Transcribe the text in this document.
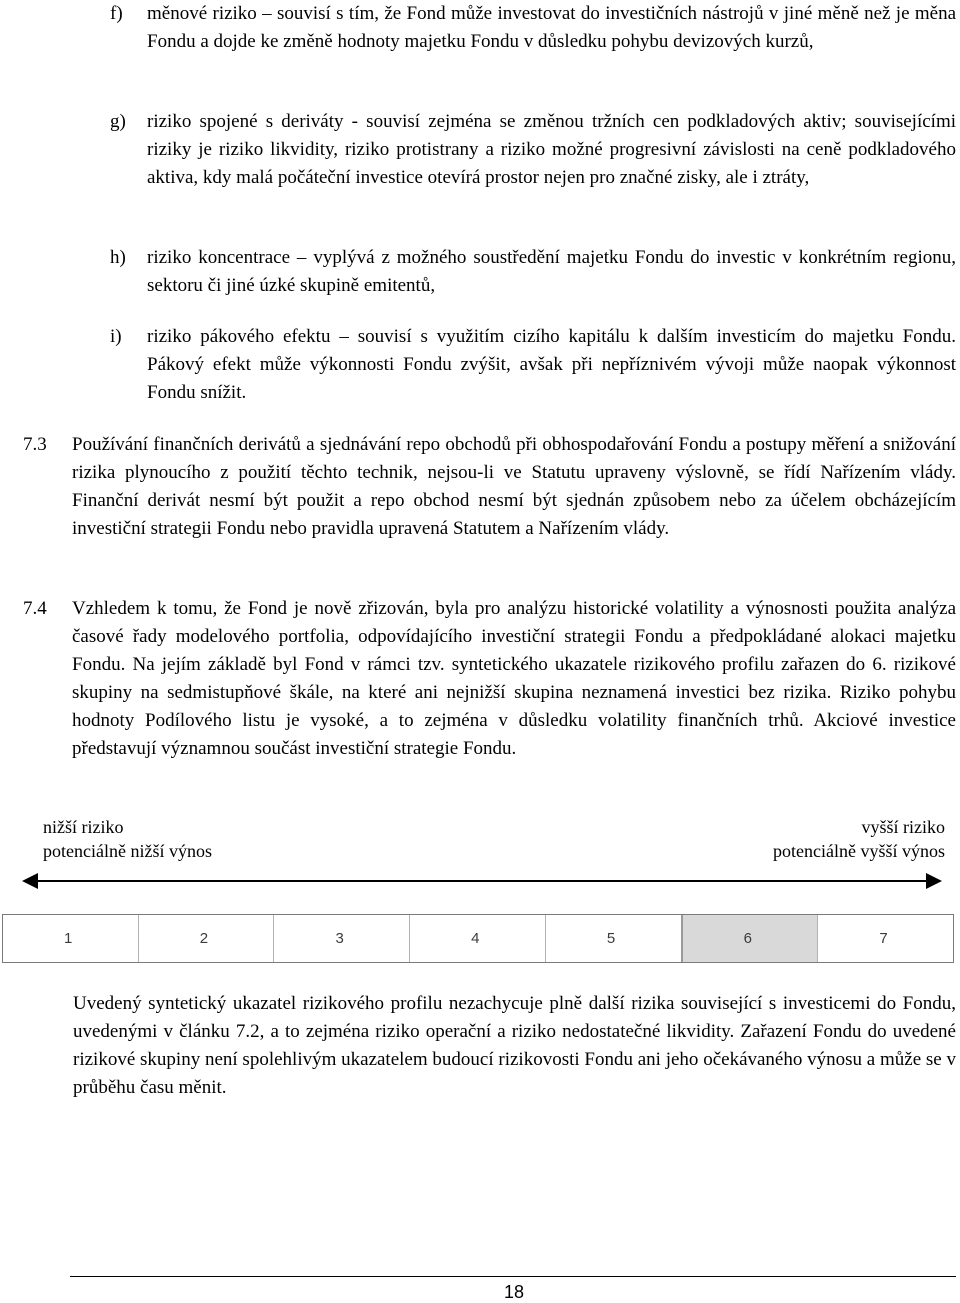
f) měnové riziko – souvisí s tím, že Fond může investovat do investičních nástrojů v jiné měně než je měna Fondu a dojde ke změně hodnoty majetku Fondu v důsledku pohybu devizových kurzů,
g) riziko spojené s deriváty - souvisí zejména se změnou tržních cen podkladových aktiv; souvisejícími riziky je riziko likvidity, riziko protistrany a riziko možné progresivní závislosti na ceně podkladového aktiva, kdy malá počáteční investice otevírá prostor nejen pro značné zisky, ale i ztráty,
h) riziko koncentrace – vyplývá z možného soustředění majetku Fondu do investic v konkrétním regionu, sektoru či jiné úzké skupině emitentů,
i) riziko pákového efektu – souvisí s využitím cizího kapitálu k dalším investicím do majetku Fondu. Pákový efekt může výkonnosti Fondu zvýšit, avšak při nepříznivém vývoji může naopak výkonnost Fondu snížit.
7.3 Používání finančních derivátů a sjednávání repo obchodů při obhospodařování Fondu a postupy měření a snižování rizika plynoucího z použití těchto technik, nejsou-li ve Statutu upraveny výslovně, se řídí Nařízením vlády. Finanční derivát nesmí být použit a repo obchod nesmí být sjednán způsobem nebo za účelem obcházejícím investiční strategii Fondu nebo pravidla upravená Statutem a Nařízením vlády.
7.4 Vzhledem k tomu, že Fond je nově zřizován, byla pro analýzu historické volatility a výnosnosti použita analýza časové řady modelového portfolia, odpovídajícího investiční strategii Fondu a předpokládané alokaci majetku Fondu. Na jejím základě byl Fond v rámci tzv. syntetického ukazatele rizikového profilu zařazen do 6. rizikové skupiny na sedmistupňové škále, na které ani nejnižší skupina neznamená investici bez rizika. Riziko pohybu hodnoty Podílového listu je vysoké, a to zejména v důsledku volatility finančních trhů. Akciové investice představují významnou součást investiční strategie Fondu.
nižší riziko
potenciálně nižší výnos
vyšší riziko
potenciálně vyšší výnos
1	2	3	4	5	6	7
Uvedený syntetický ukazatel rizikového profilu nezachycuje plně další rizika související s investicemi do Fondu, uvedenými v článku 7.2, a to zejména riziko operační a riziko nedostatečné likvidity. Zařazení Fondu do uvedené rizikové skupiny není spolehlivým ukazatelem budoucí rizikovosti Fondu ani jeho očekávaného výnosu a může se v průběhu času měnit.
18
